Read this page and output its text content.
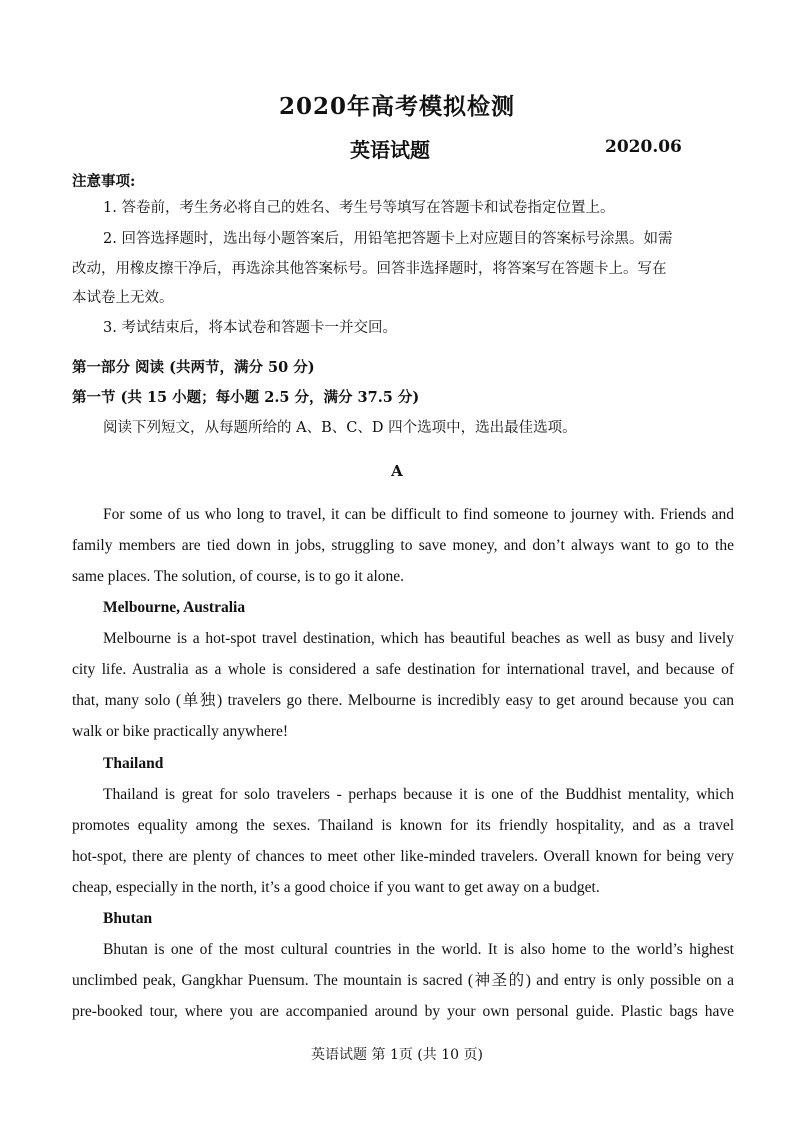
2020年高考模拟检测
英语试题	2020.06
注意事项:
1. 答卷前，考生务必将自己的姓名、考生号等填写在答题卡和试卷指定位置上。
2. 回答选择题时，选出每小题答案后，用铅笔把答题卡上对应题目的答案标号涂黑。如需
改动，用橡皮擦干净后，再选涂其他答案标号。回答非选择题时，将答案写在答题卡上。写在
本试卷上无效。
3. 考试结束后，将本试卷和答题卡一并交回。
第一部分 阅读 (共两节，满分 50 分)
第一节 (共 15 小题；每小题 2.5 分，满分 37.5 分)
阅读下列短文，从每题所给的 A、B、C、D 四个选项中，选出最佳选项。
A
For some of us who long to travel, it can be difficult to find someone to journey with. Friends and
family members are tied down in jobs, struggling to save money, and don’t always want to go to the
same places. The solution, of course, is to go it alone.
Melbourne, Australia
Melbourne is a hot-spot travel destination, which has beautiful beaches as well as busy and lively
city life. Australia as a whole is considered a safe destination for international travel, and because of
that, many solo (单独) travelers go there. Melbourne is incredibly easy to get around because you can
walk or bike practically anywhere!
Thailand
Thailand is great for solo travelers - perhaps because it is one of the Buddhist mentality, which
promotes equality among the sexes. Thailand is known for its friendly hospitality, and as a travel
hot-spot, there are plenty of chances to meet other like-minded travelers. Overall known for being very
cheap, especially in the north, it’s a good choice if you want to get away on a budget.
Bhutan
Bhutan is one of the most cultural countries in the world. It is also home to the world’s highest
unclimbed peak, Gangkhar Puensum. The mountain is sacred (神圣的) and entry is only possible on a
pre-booked tour, where you are accompanied around by your own personal guide. Plastic bags have
英语试题 第 1页 (共 10 页)
